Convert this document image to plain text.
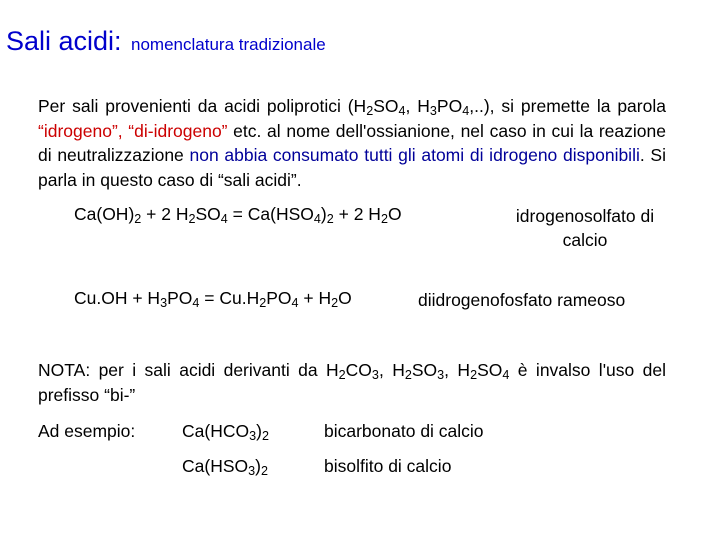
Sali acidi: nomenclatura tradizionale
Per sali provenienti da acidi poliprotici ($H_2SO_4$, $H_3PO_4$,..), si premette la parola “idrogeno”, “di-idrogeno” etc. al nome dell'ossianione, nel caso in cui la reazione di neutralizzazione non abbia consumato tutti gli atomi di idrogeno disponibili. Si parla in questo caso di “sali acidi”.
$Ca(OH)_2 + 2$ $H_2SO_4 = Ca(HSO_4)_2 + 2$ $H_2O$	idrogenosolfato di calcio
$Cu.OH + H_3PO_4 = Cu.H_2PO_4 + H_2O$	diidrogenofosfato rameoso
NOTA: per i sali acidi derivanti da $H_2CO_3$, $H_2SO_3$, $H_2SO_4$ è invalso l'uso del prefisso “bi-”
Ad esempio:	$Ca(HCO_3)_2$	bicarbonato di calcio
$Ca(HSO_3)_2$	bisolfito di calcio
